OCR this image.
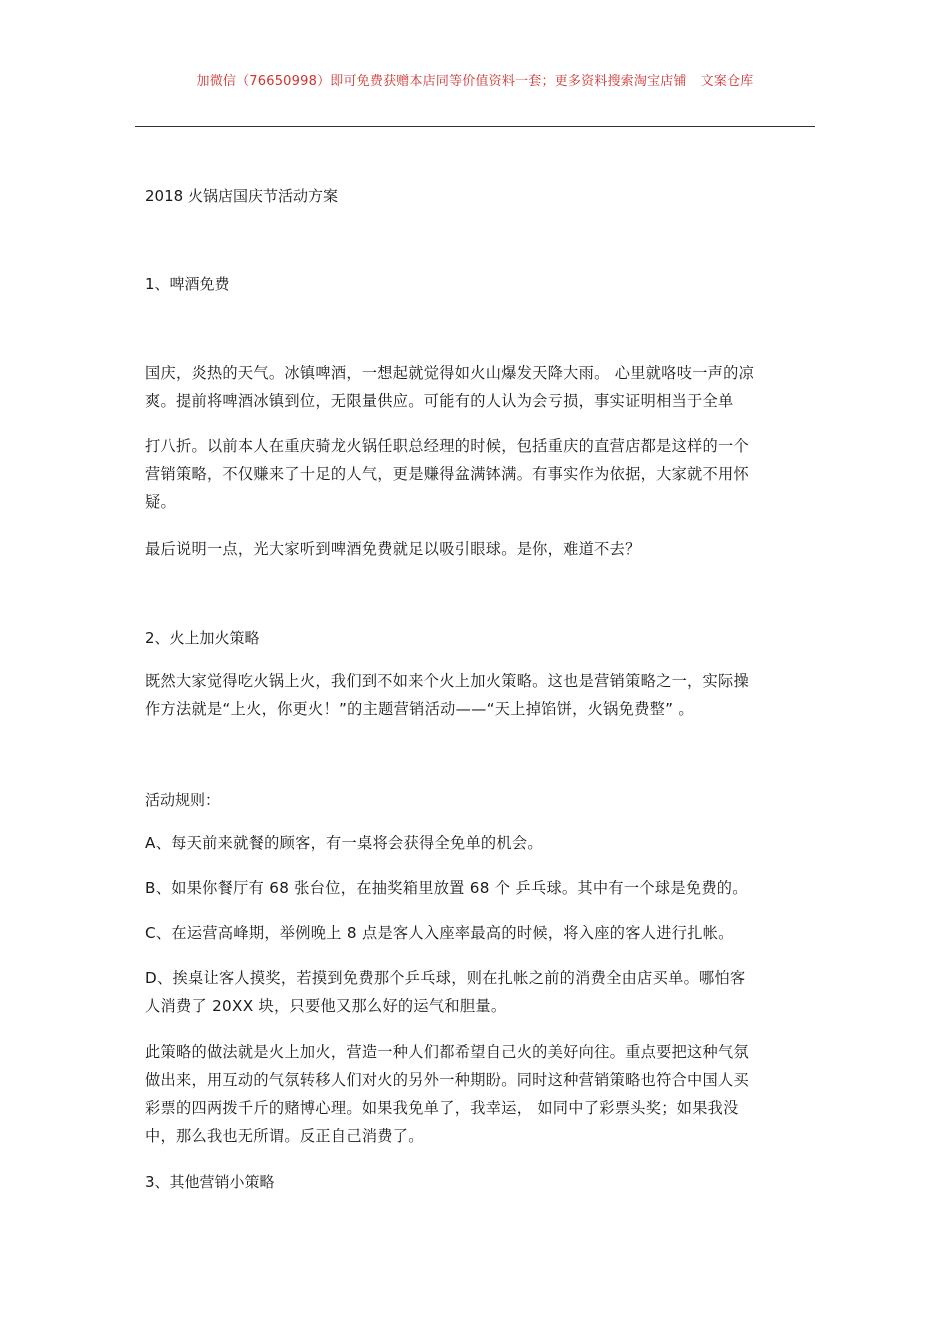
加微信（76650998）即可免费获赠本店同等价值资料一套；更多资料搜索淘宝店铺 文案仓库
2018 火锅店国庆节活动方案
1、啤酒免费

国庆，炎热的天气。冰镇啤酒，一想起就觉得如火山爆发天降大雨。 心里就咯吱一声的凉

爽。提前将啤酒冰镇到位，无限量供应。可能有的人认为会亏损，事实证明相当于全单

打八折。以前本人在重庆骑龙火锅任职总经理的时候，包括重庆的直营店都是这样的一个

营销策略，不仅赚来了十足的人气，更是赚得盆满钵满。有事实作为依据，大家就不用怀

疑。

最后说明一点，光大家听到啤酒免费就足以吸引眼球。是你，难道不去？

2、火上加火策略

既然大家觉得吃火锅上火，我们到不如来个火上加火策略。这也是营销策略之一，实际操

作方法就是“上火，你更火！”的主题营销活动——“天上掉馅饼，火锅免费整” 。

活动规则：

A、每天前来就餐的顾客，有一桌将会获得全免单的机会。

B、如果你餐厅有 68 张台位，在抽奖箱里放置 68 个 乒乓球。其中有一个球是免费的。

C、在运营高峰期，举例晚上 8 点是客人入座率最高的时候，将入座的客人进行扎帐。

D、挨桌让客人摸奖，若摸到免费那个乒乓球，则在扎帐之前的消费全由店买单。哪怕客

人消费了 20XX 块，只要他又那么好的运气和胆量。

此策略的做法就是火上加火，营造一种人们都希望自己火的美好向往。重点要把这种气氛

做出来，用互动的气氛转移人们对火的另外一种期盼。同时这种营销策略也符合中国人买

彩票的四两拨千斤的赌博心理。如果我免单了，我幸运， 如同中了彩票头奖；如果我没

中，那么我也无所谓。反正自己消费了。

3、其他营销小策略
